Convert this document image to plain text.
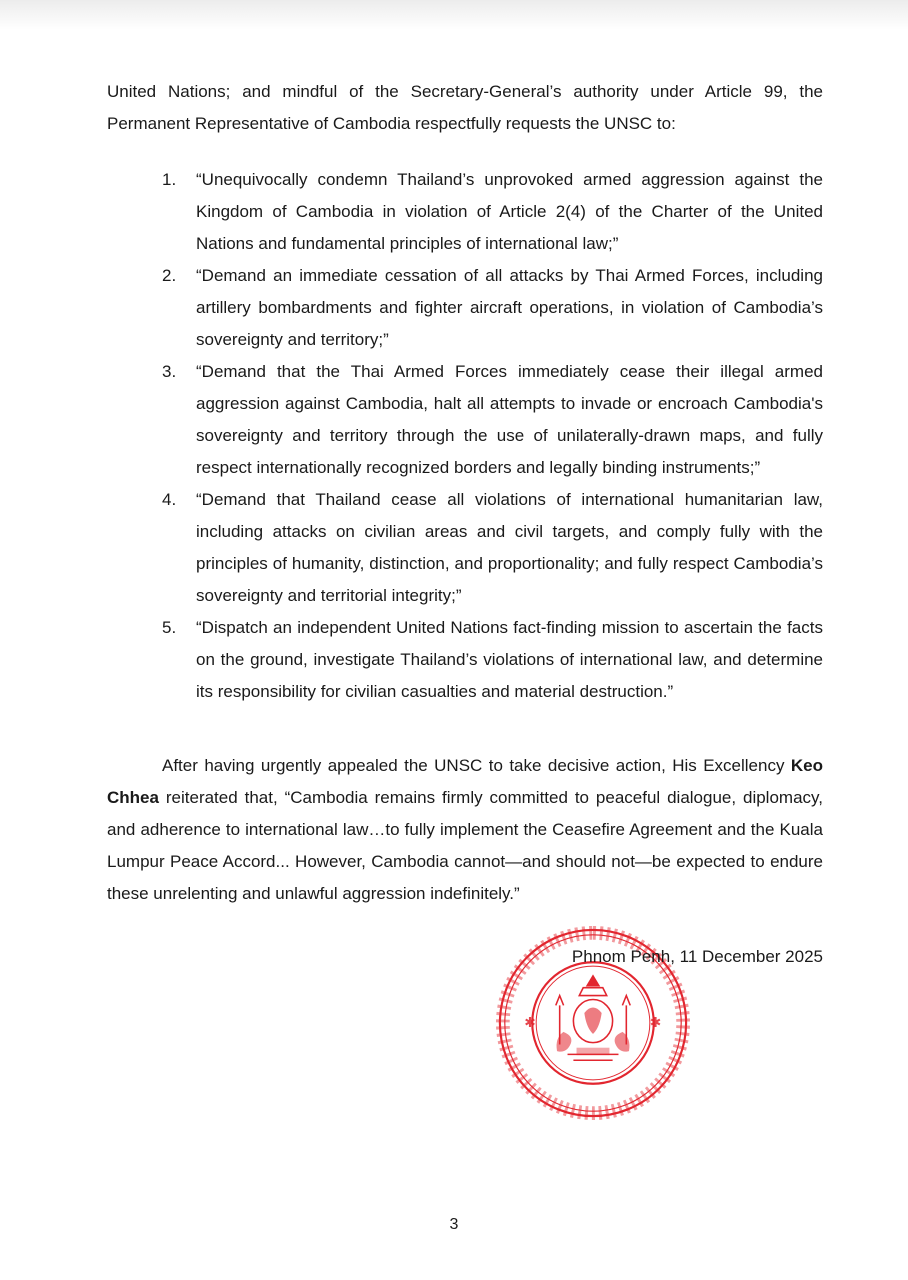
United Nations; and mindful of the Secretary-General’s authority under Article 99, the Permanent Representative of Cambodia respectfully requests the UNSC to:

1. “Unequivocally condemn Thailand’s unprovoked armed aggression against the Kingdom of Cambodia in violation of Article 2(4) of the Charter of the United Nations and fundamental principles of international law;”
2. “Demand an immediate cessation of all attacks by Thai Armed Forces, including artillery bombardments and fighter aircraft operations, in violation of Cambodia’s sovereignty and territory;”
3. “Demand that the Thai Armed Forces immediately cease their illegal armed aggression against Cambodia, halt all attempts to invade or encroach Cambodia's sovereignty and territory through the use of unilaterally-drawn maps, and fully respect internationally recognized borders and legally binding instruments;”
4. “Demand that Thailand cease all violations of international humanitarian law, including attacks on civilian areas and civil targets, and comply fully with the principles of humanity, distinction, and proportionality; and fully respect Cambodia’s sovereignty and territorial integrity;”
5. “Dispatch an independent United Nations fact-finding mission to ascertain the facts on the ground, investigate Thailand’s violations of international law, and determine its responsibility for civilian casualties and material destruction.”

After having urgently appealed the UNSC to take decisive action, His Excellency Keo Chhea reiterated that, “Cambodia remains firmly committed to peaceful dialogue, diplomacy, and adherence to international law…to fully implement the Ceasefire Agreement and the Kuala Lumpur Peace Accord... However, Cambodia cannot—and should not—be expected to endure these unrelenting and unlawful aggression indefinitely.”

✱	✱
Phnom Penh, 11 December 2025
3
